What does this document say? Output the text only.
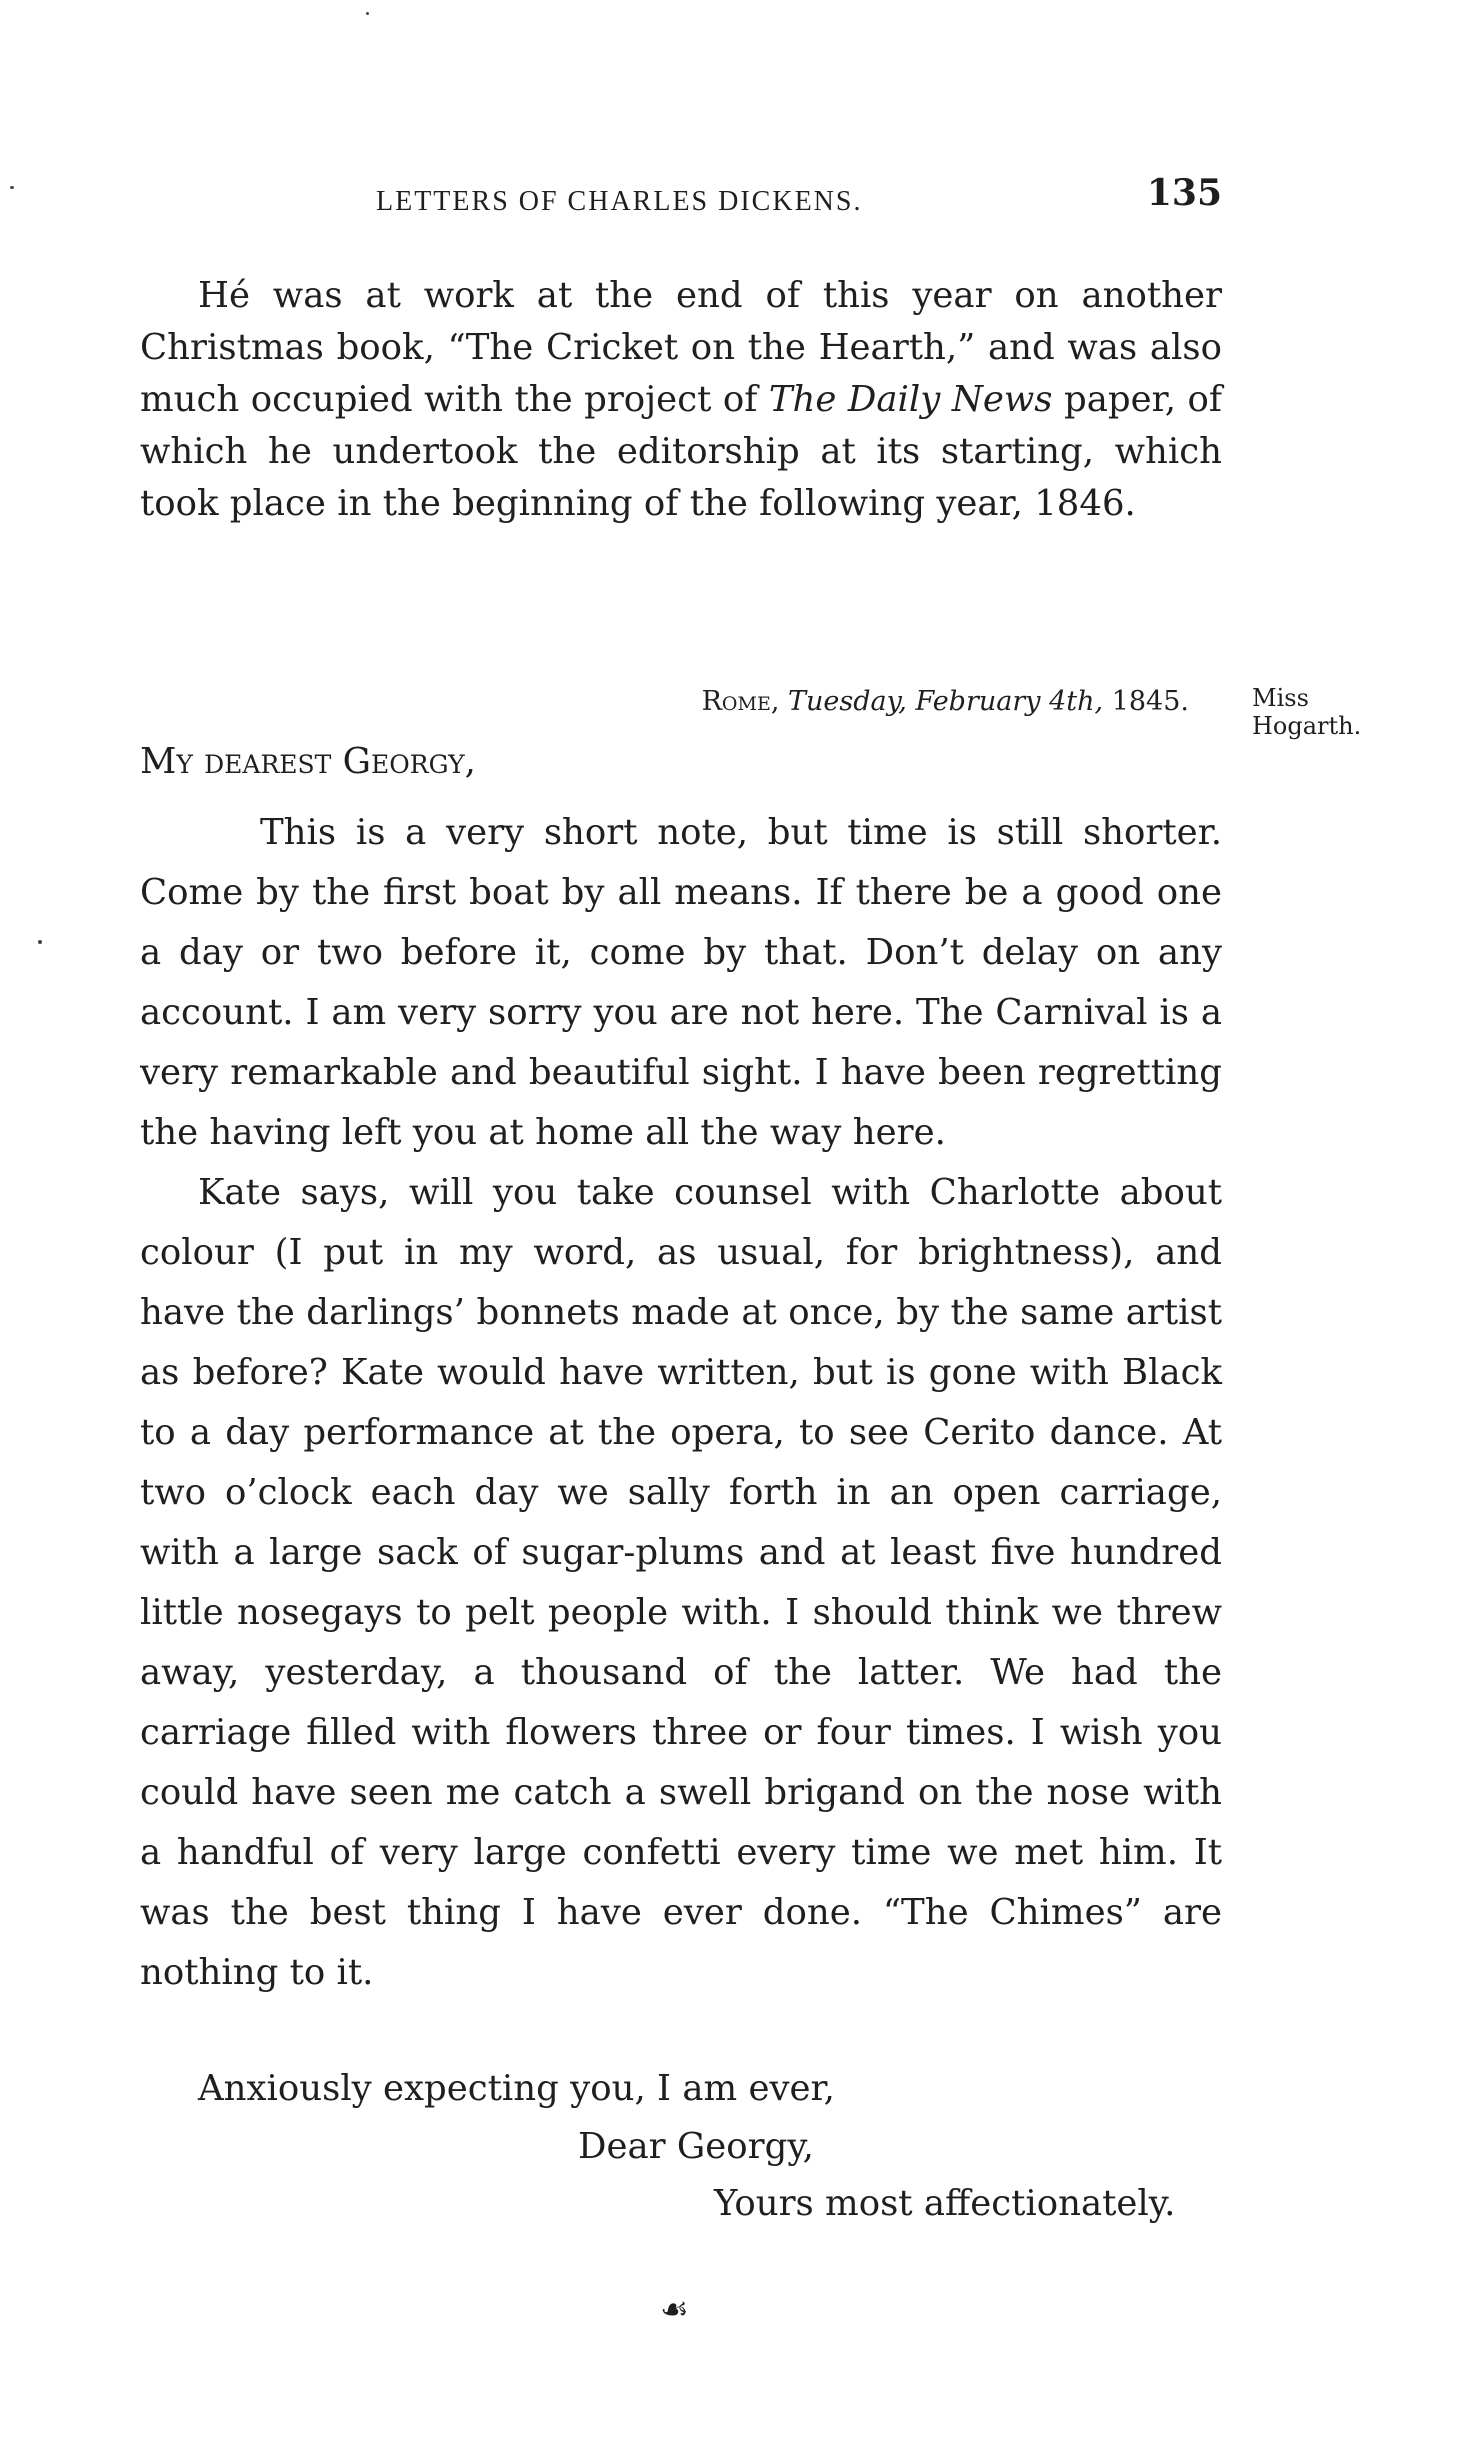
LETTERS OF CHARLES DICKENS.	135

Hé was at work at the end of this year on another Christmas book, “The Cricket on the Hearth,” and was also much occupied with the project of The Daily News paper, of which he undertook the editorship at its starting, which took place in the beginning of the following year, 1846.

Rome, Tuesday, February 4th, 1845.	Miss
Hogarth.
My dearest Georgy,

This is a very short note, but time is still shorter. Come by the first boat by all means. If there be a good one a day or two before it, come by that. Don’t delay on any account. I am very sorry you are not here. The Carnival is a very remarkable and beautiful sight. I have been regretting the having left you at home all the way here.

Kate says, will you take counsel with Charlotte about colour (I put in my word, as usual, for brightness), and have the darlings’ bonnets made at once, by the same artist as before? Kate would have written, but is gone with Black to a day performance at the opera, to see Cerito dance. At two o’clock each day we sally forth in an open carriage, with a large sack of sugar-plums and at least five hundred little nosegays to pelt people with. I should think we threw away, yesterday, a thousand of the latter. We had the carriage filled with flowers three or four times. I wish you could have seen me catch a swell brigand on the nose with a handful of very large confetti every time we met him. It was the best thing I have ever done. “The Chimes” are nothing to it.

Anxiously expecting you, I am ever,
Dear Georgy,
Yours most affectionately.
☙
